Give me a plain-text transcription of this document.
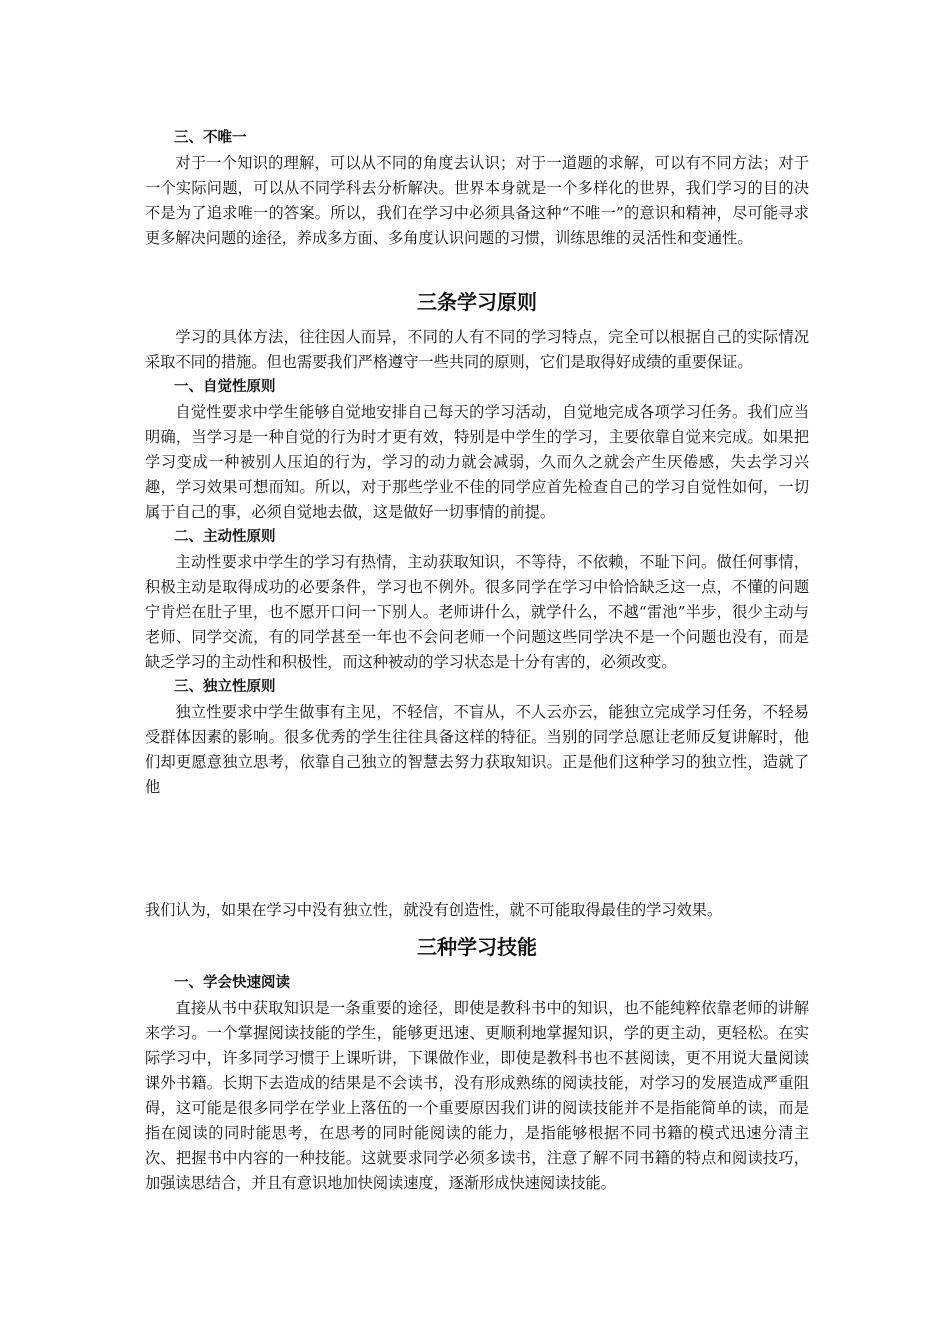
三、不唯一

对于一个知识的理解，可以从不同的角度去认识；对于一道题的求解，可以有不同方法；对于一个实际问题，可以从不同学科去分析解决。世界本身就是一个多样化的世界，我们学习的目的决不是为了追求唯一的答案。所以，我们在学习中必须具备这种“不唯一”的意识和精神，尽可能寻求更多解决问题的途径，养成多方面、多角度认识问题的习惯，训练思维的灵活性和变通性。

三条学习原则

学习的具体方法，往往因人而异，不同的人有不同的学习特点，完全可以根据自己的实际情况采取不同的措施。但也需要我们严格遵守一些共同的原则，它们是取得好成绩的重要保证。

一、自觉性原则

自觉性要求中学生能够自觉地安排自己每天的学习活动，自觉地完成各项学习任务。我们应当明确，当学习是一种自觉的行为时才更有效，特别是中学生的学习，主要依靠自觉来完成。如果把学习变成一种被别人压迫的行为，学习的动力就会减弱，久而久之就会产生厌倦感，失去学习兴趣，学习效果可想而知。所以，对于那些学业不佳的同学应首先检查自己的学习自觉性如何，一切属于自己的事，必须自觉地去做，这是做好一切事情的前提。

二、主动性原则

主动性要求中学生的学习有热情，主动获取知识，不等待，不依赖，不耻下问。做任何事情，积极主动是取得成功的必要条件，学习也不例外。很多同学在学习中恰恰缺乏这一点，不懂的问题宁肯烂在肚子里，也不愿开口问一下别人。老师讲什么，就学什么，不越“雷池”半步，很少主动与老师、同学交流，有的同学甚至一年也不会问老师一个问题这些同学决不是一个问题也没有，而是缺乏学习的主动性和积极性，而这种被动的学习状态是十分有害的，必须改变。

三、独立性原则

独立性要求中学生做事有主见，不轻信，不盲从，不人云亦云，能独立完成学习任务，不轻易受群体因素的影响。很多优秀的学生往往具备这样的特征。当别的同学总愿让老师反复讲解时，他们却更愿意独立思考，依靠自己独立的智慧去努力获取知识。正是他们这种学习的独立性，造就了他

我们认为，如果在学习中没有独立性，就没有创造性，就不可能取得最佳的学习效果。

三种学习技能

一、学会快速阅读

直接从书中获取知识是一条重要的途径，即使是教科书中的知识，也不能纯粹依靠老师的讲解来学习。一个掌握阅读技能的学生，能够更迅速、更顺利地掌握知识，学的更主动，更轻松。在实际学习中，许多同学习惯于上课听讲，下课做作业，即使是教科书也不甚阅读，更不用说大量阅读课外书籍。长期下去造成的结果是不会读书，没有形成熟练的阅读技能，对学习的发展造成严重阻碍，这可能是很多同学在学业上落伍的一个重要原因我们讲的阅读技能并不是指能简单的读，而是指在阅读的同时能思考，在思考的同时能阅读的能力，是指能够根据不同书籍的模式迅速分清主次、把握书中内容的一种技能。这就要求同学必须多读书，注意了解不同书籍的特点和阅读技巧，加强读思结合，并且有意识地加快阅读速度，逐渐形成快速阅读技能。
